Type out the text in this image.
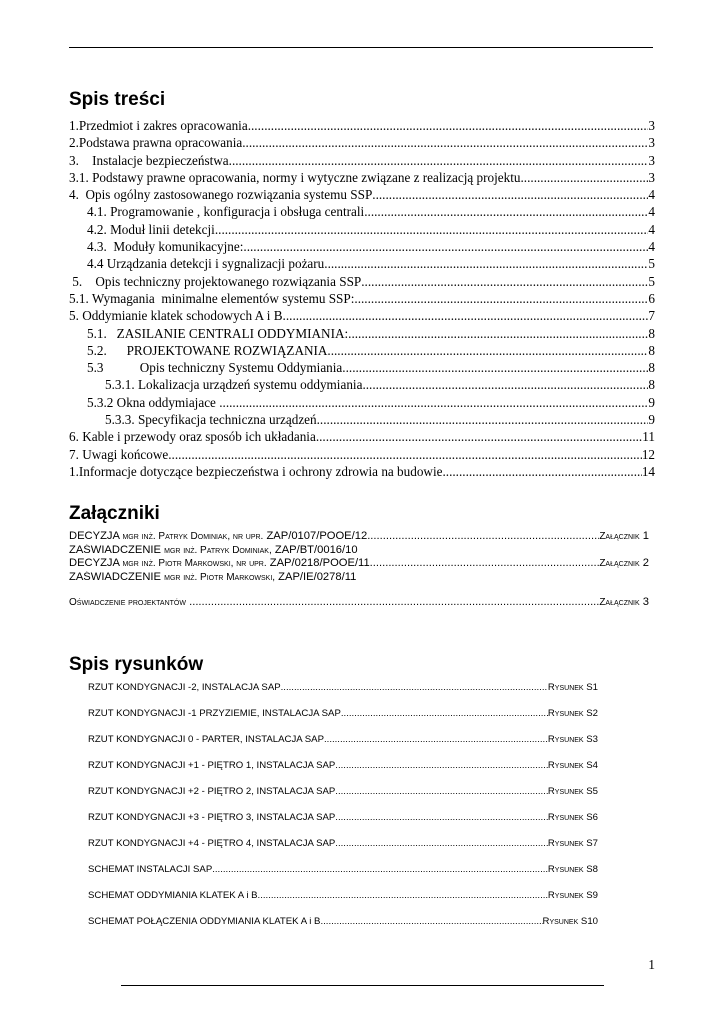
Spis treści
1.Przedmiot i zakres opracowania .....	3
2.Podstawa prawna opracowania .....	3
3.    Instalacje bezpieczeństwa .....	3
3.1. Podstawy prawne opracowania, normy i wytyczne związane z realizacją projektu .....	3
4.  Opis ogólny zastosowanego rozwiązania systemu SSP .....	4
4.1. Programowanie , konfiguracja i obsługa centrali .....	4
4.2. Moduł linii detekcji .....	4
4.3.  Moduły komunikacyjne: .....	4
4.4 Urządzania detekcji i sygnalizacji pożaru .....	5
5.    Opis techniczny projektowanego rozwiązania SSP .....	5
5.1. Wymagania  minimalne elementów systemu SSP: .....	6
5. Oddymianie klatek schodowych A i B .....	7
5.1.   ZASILANIE CENTRALI ODDYMIANIA: .....	8
5.2.      PROJEKTOWANE ROZWIĄZANIA .....	8
5.3           Opis techniczny Systemu Oddymiania .....	8
5.3.1. Lokalizacja urządzeń systemu oddymiania .....	8
5.3.2 Okna oddymiajace .....	9
5.3.3. Specyfikacja techniczna urządzeń .....	9
6. Kable i przewody oraz sposób ich układania .....	11
7. Uwagi końcowe .....	12
1.Informacje dotyczące bezpieczeństwa i ochrony zdrowia na budowie .....	14
Załączniki
DECYZJA mgr inż. Patryk Dominiak, nr upr. ZAP/0107/POOE/12 .....	Załącznik 1
ZAŚWIADCZENIE mgr inż. Patryk Dominiak, ZAP/BT/0016/10
DECYZJA mgr inż. Piotr Markowski, nr upr. ZAP/0218/POOE/11 .....	Załącznik 2
ZAŚWIADCZENIE mgr inż. Piotr Markowski, ZAP/IE/0278/11
Oświadczenie projektantów .....	Załącznik 3
Spis rysunków
RZUT KONDYGNACJI -2, INSTALACJA SAP .....	Rysunek S1
RZUT KONDYGNACJI -1 PRZYZIEMIE, INSTALACJA SAP .....	Rysunek S2
RZUT KONDYGNACJI 0 - PARTER, INSTALACJA SAP .....	Rysunek S3
RZUT KONDYGNACJI +1 - PIĘTRO 1, INSTALACJA SAP .....	Rysunek S4
RZUT KONDYGNACJI +2 - PIĘTRO 2, INSTALACJA SAP .....	Rysunek S5
RZUT KONDYGNACJI +3 - PIĘTRO 3, INSTALACJA SAP .....	Rysunek S6
RZUT KONDYGNACJI +4 - PIĘTRO 4, INSTALACJA SAP .....	Rysunek S7
SCHEMAT INSTALACJI SAP .....	Rysunek S8
SCHEMAT ODDYMIANIA KLATEK A i B .....	Rysunek S9
SCHEMAT POŁĄCZENIA ODDYMIANIA KLATEK A i B .....	Rysunek S10
1
